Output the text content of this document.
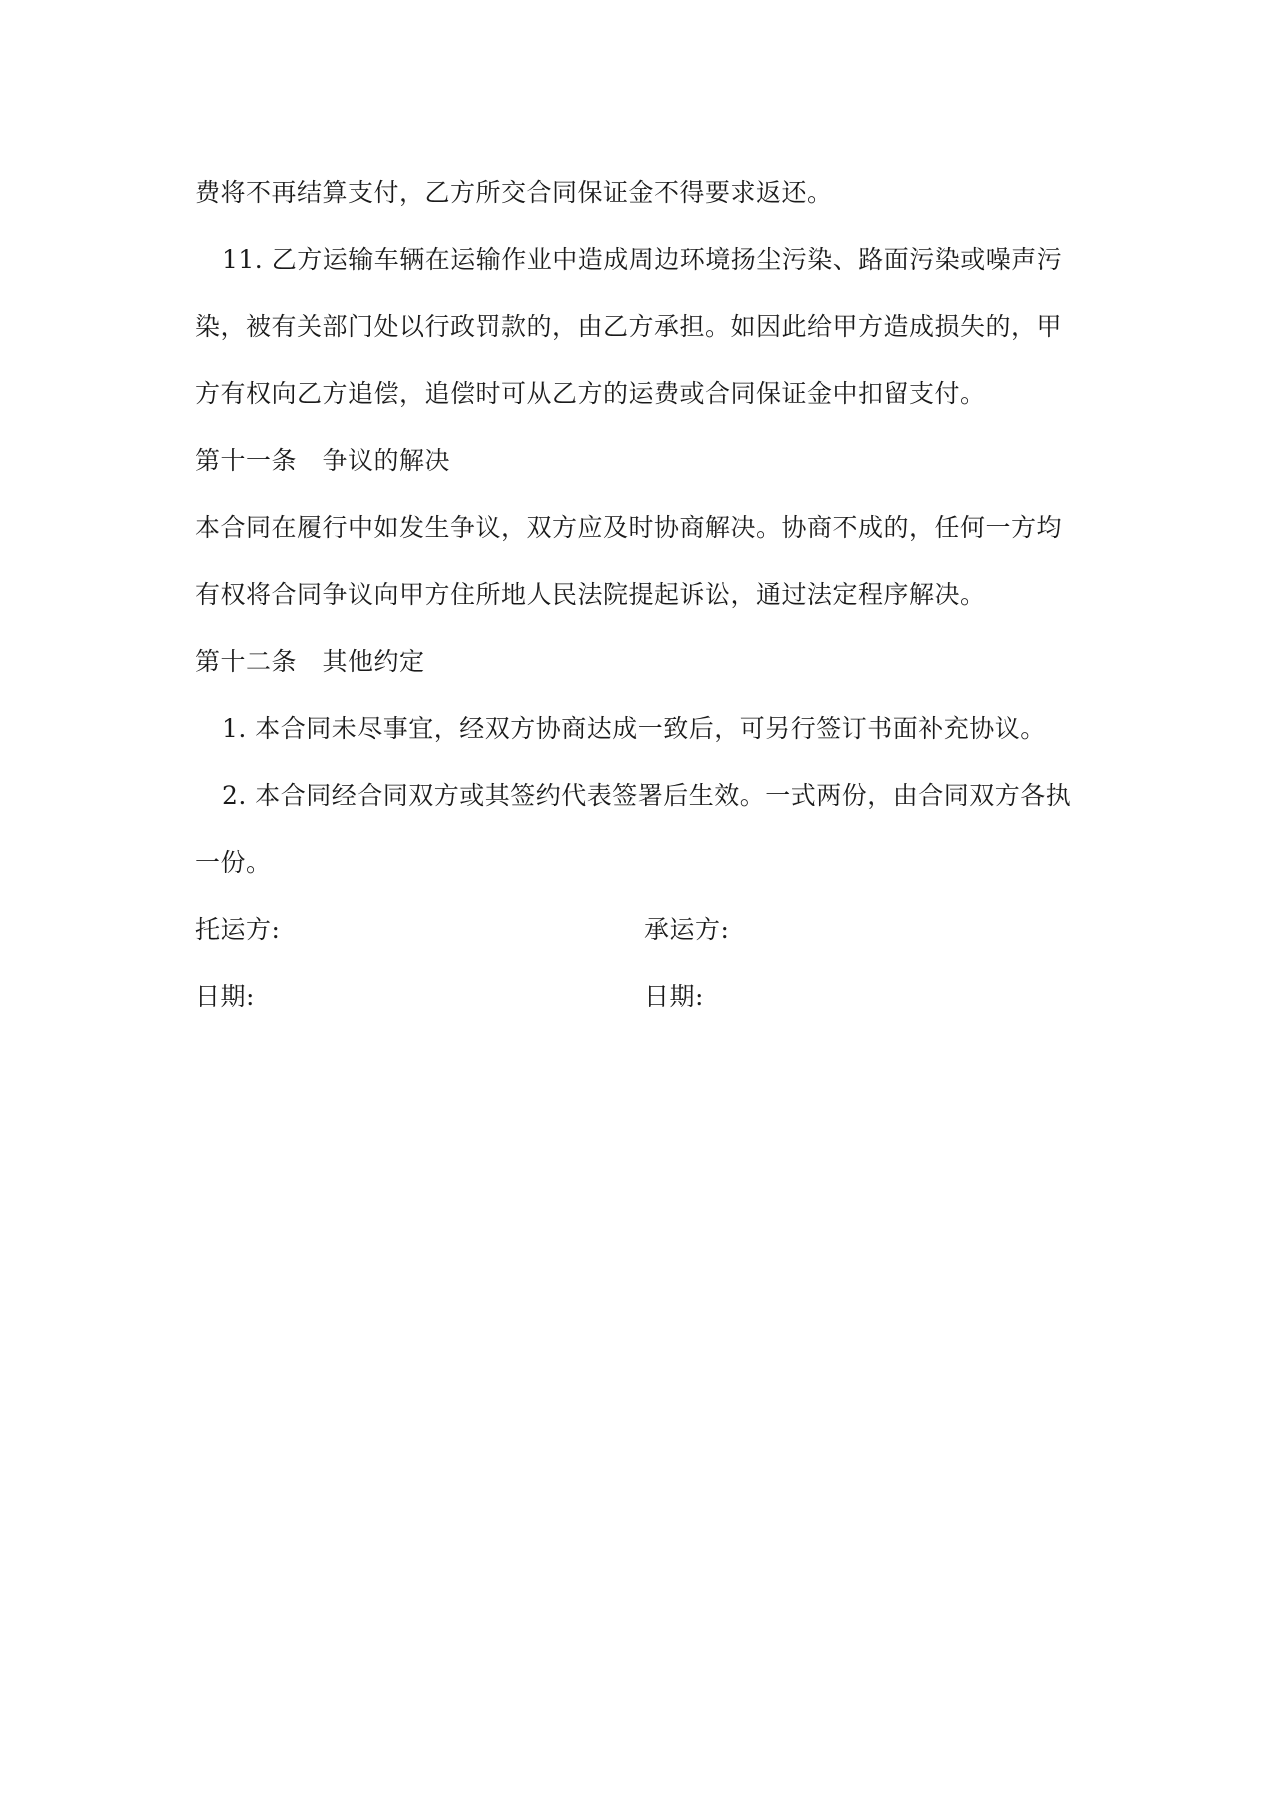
费将不再结算支付，乙方所交合同保证金不得要求返还。
11. 乙方运输车辆在运输作业中造成周边环境扬尘污染、路面污染或噪声污
染，被有关部门处以行政罚款的，由乙方承担。如因此给甲方造成损失的，甲
方有权向乙方追偿，追偿时可从乙方的运费或合同保证金中扣留支付。
第十一条　争议的解决
本合同在履行中如发生争议，双方应及时协商解决。协商不成的，任何一方均
有权将合同争议向甲方住所地人民法院提起诉讼，通过法定程序解决。
第十二条　其他约定
1. 本合同未尽事宜，经双方协商达成一致后，可另行签订书面补充协议。
2. 本合同经合同双方或其签约代表签署后生效。一式两份，由合同双方各执
一份。
托运方:	承运方:
日期:	日期:
